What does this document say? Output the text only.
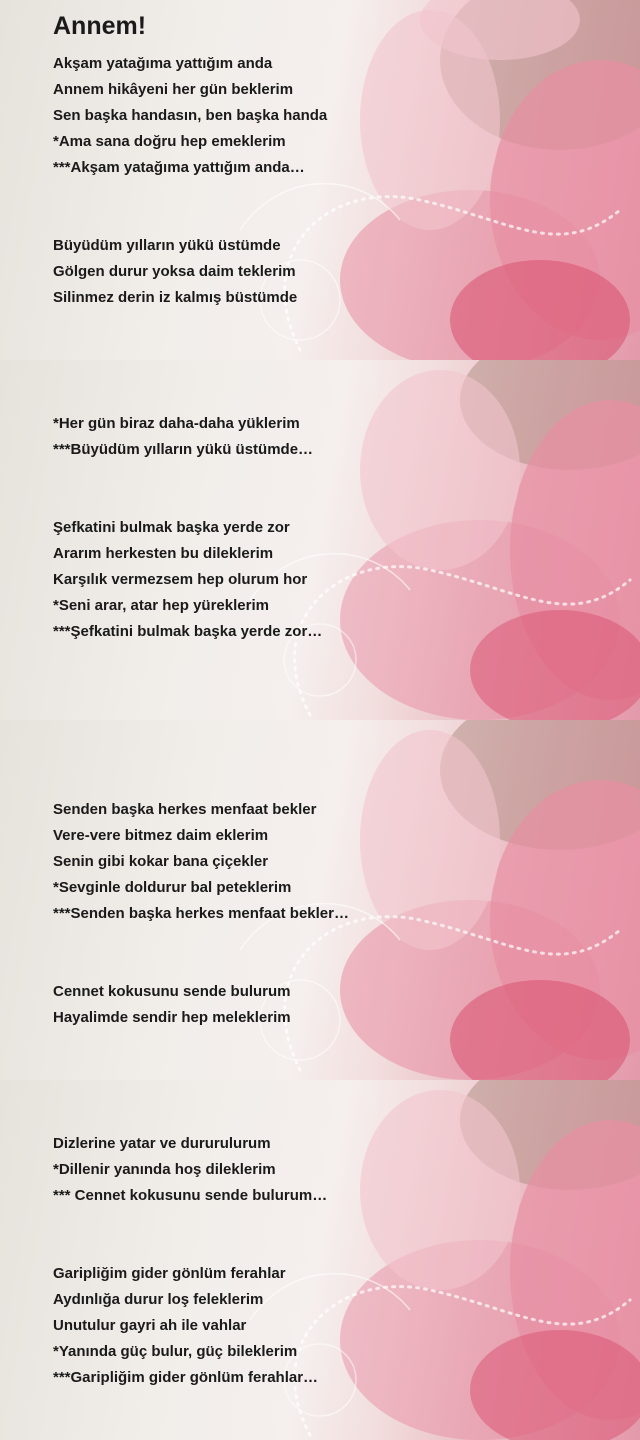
Annem!
Akşam yatağıma yattığım anda
Annem hikâyeni her gün beklerim
Sen başka handasın, ben başka handa
*Ama sana doğru hep emeklerim
***Akşam yatağıma yattığım anda…
Büyüdüm yılların yükü üstümde
Gölgen durur yoksa daim teklerim
Silinmez derin iz kalmış büstümde
*Her gün biraz daha-daha yüklerim
***Büyüdüm yılların yükü üstümde…
Şefkatini bulmak başka yerde zor
Ararım herkesten bu dileklerim
Karşılık vermezsem hep olurum hor
*Seni arar, atar hep yüreklerim
***Şefkatini bulmak başka yerde zor…
Senden başka herkes menfaat bekler
Vere-vere bitmez daim eklerim
Senin gibi kokar bana çiçekler
*Sevginle doldurur bal peteklerim
***Senden başka herkes menfaat bekler…
Cennet kokusunu sende bulurum
Hayalimde sendir hep meleklerim
Dizlerine yatar ve dururulurum
*Dillenir yanında hoş dileklerim
*** Cennet kokusunu sende bulurum…
Garipliğim gider gönlüm ferahlar
Aydınlığa durur loş feleklerim
Unutulur gayri ah ile vahlar
*Yanında güç bulur, güç bileklerim
***Garipliğim gider gönlüm ferahlar…
